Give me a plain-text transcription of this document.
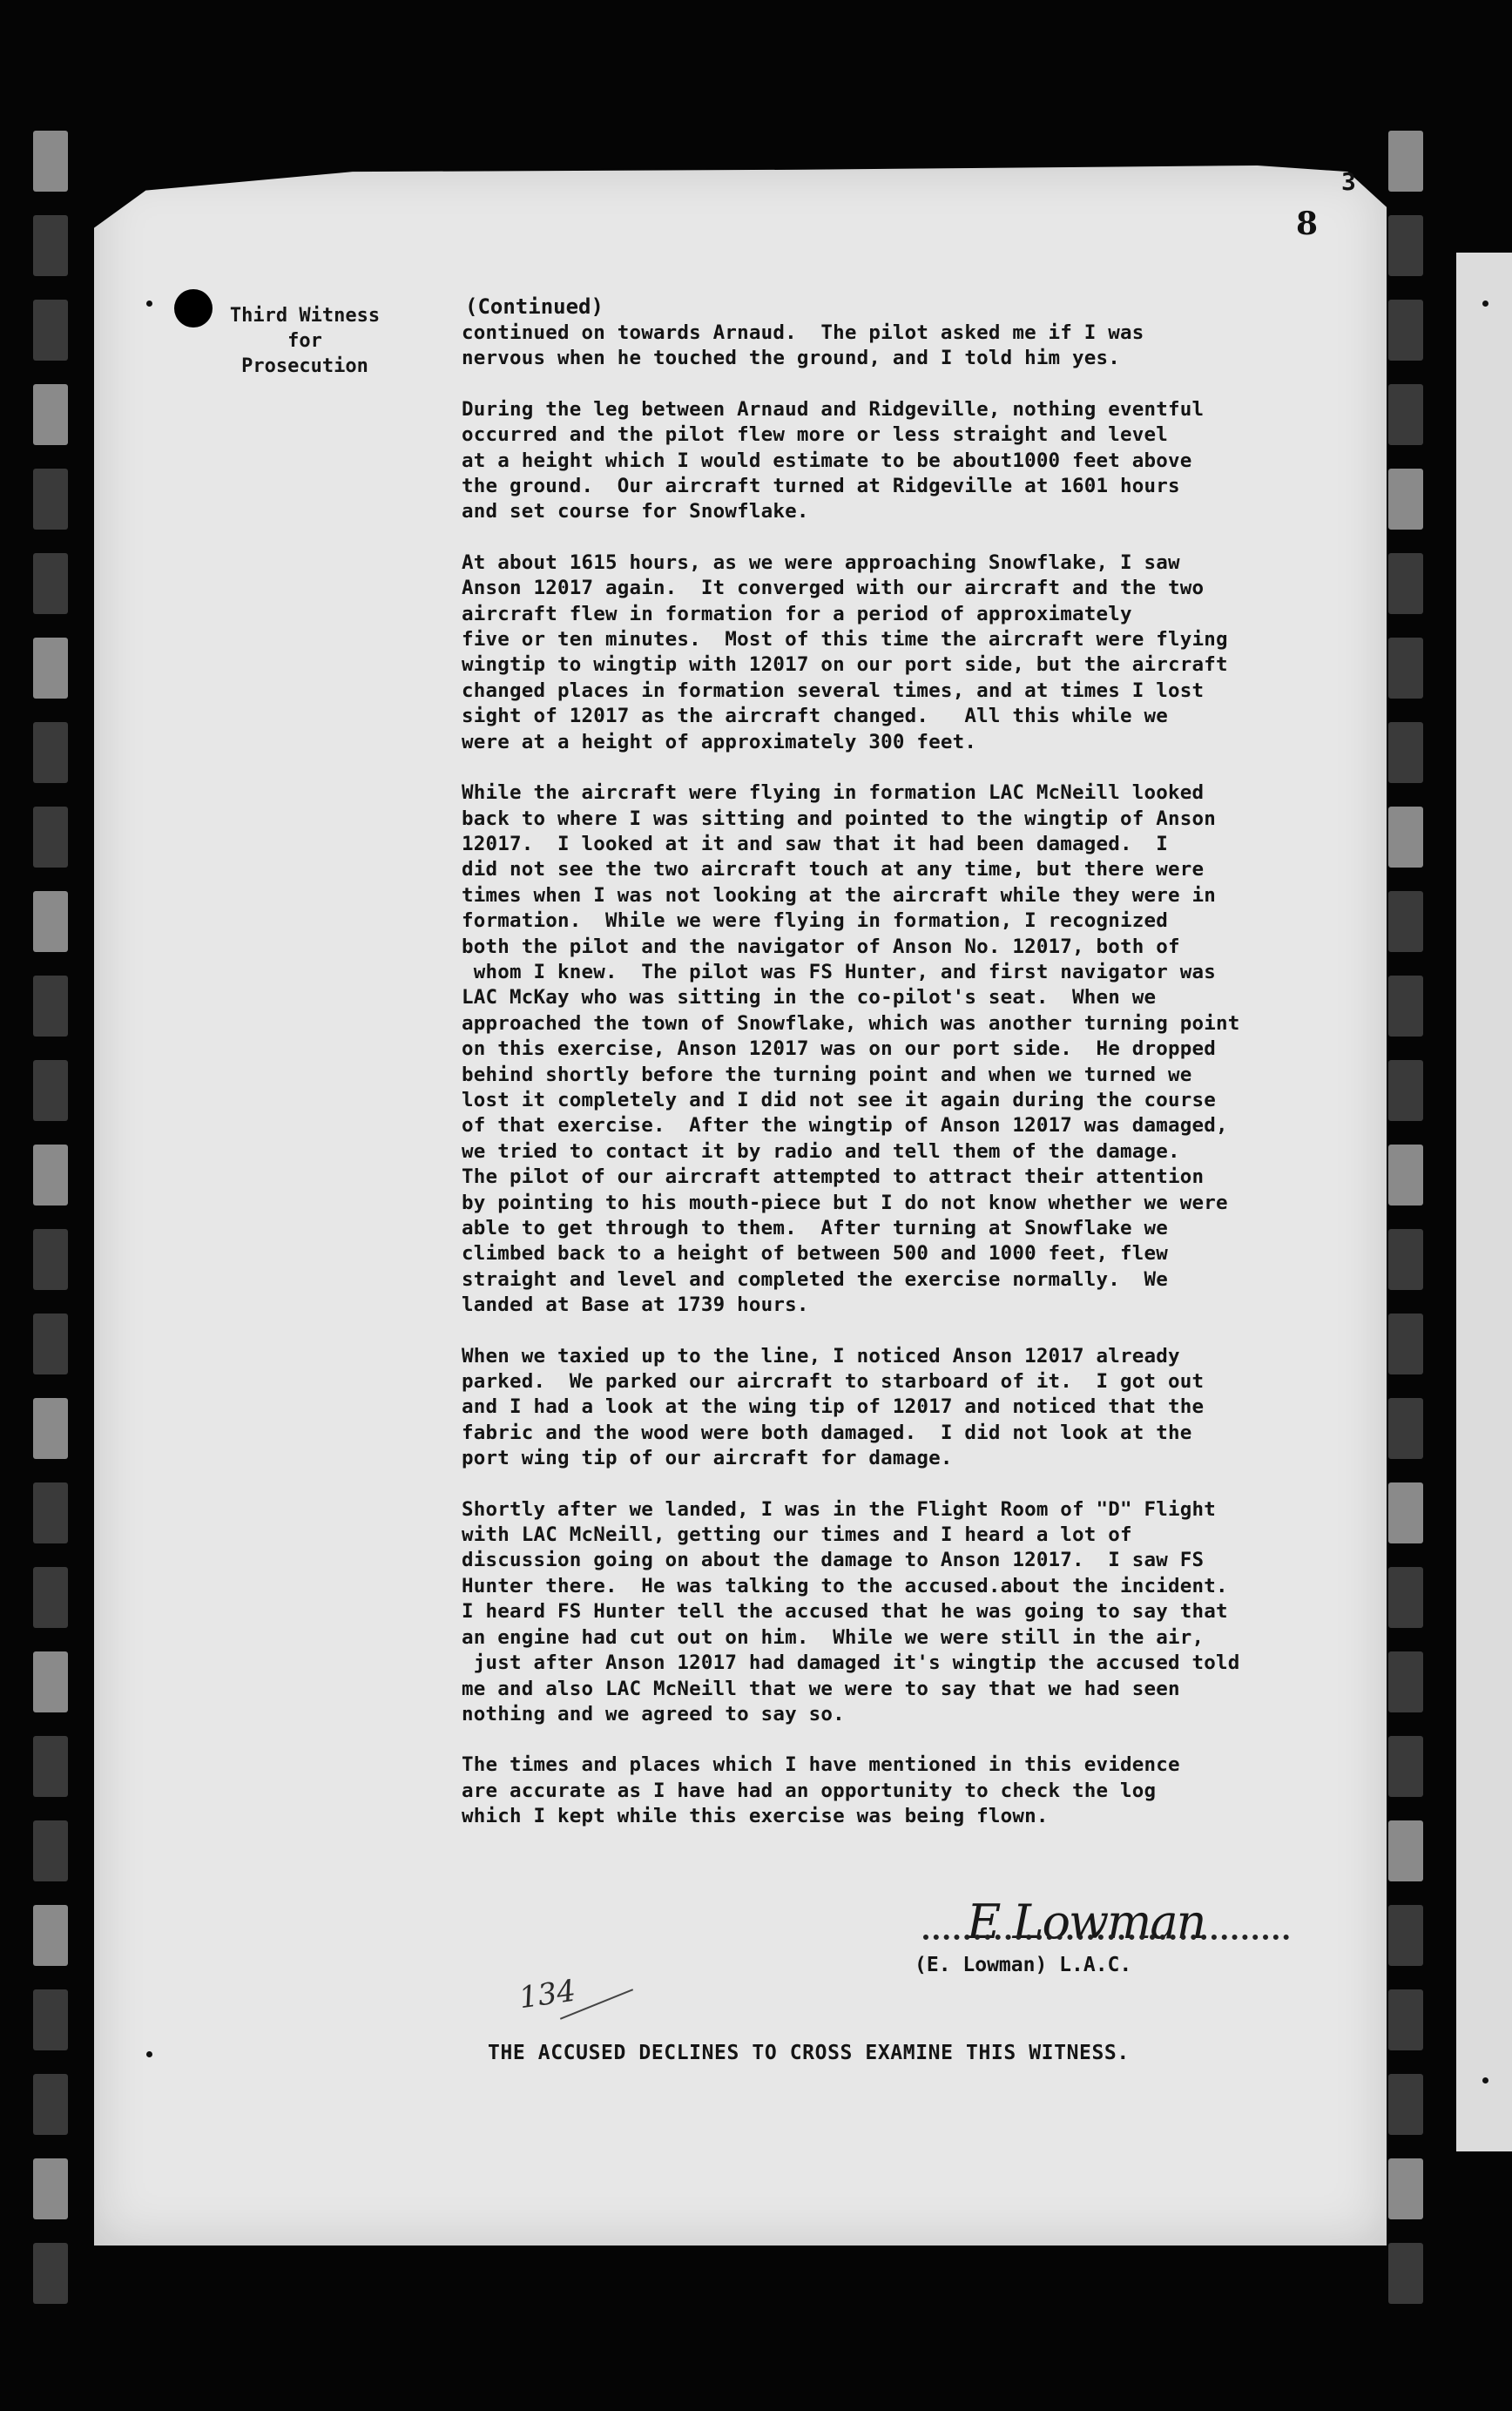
3
8
Third Witness
for
Prosecution
(Continued)
continued on towards Arnaud.  The pilot asked me if I was
nervous when he touched the ground, and I told him yes.
During the leg between Arnaud and Ridgeville, nothing eventful
occurred and the pilot flew more or less straight and level
at a height which I would estimate to be about1000 feet above
the ground.  Our aircraft turned at Ridgeville at 1601 hours
and set course for Snowflake.
At about 1615 hours, as we were approaching Snowflake, I saw
Anson 12017 again.  It converged with our aircraft and the two
aircraft flew in formation for a period of approximately
five or ten minutes.  Most of this time the aircraft were flying
wingtip to wingtip with 12017 on our port side, but the aircraft
changed places in formation several times, and at times I lost
sight of 12017 as the aircraft changed.   All this while we
were at a height of approximately 300 feet.
While the aircraft were flying in formation LAC McNeill looked
back to where I was sitting and pointed to the wingtip of Anson
12017.  I looked at it and saw that it had been damaged.  I
did not see the two aircraft touch at any time, but there were
times when I was not looking at the aircraft while they were in
formation.  While we were flying in formation, I recognized
both the pilot and the navigator of Anson No. 12017, both of
whom I knew.  The pilot was FS Hunter, and first navigator was
LAC McKay who was sitting in the co-pilot's seat.  When we
approached the town of Snowflake, which was another turning point
on this exercise, Anson 12017 was on our port side.  He dropped
behind shortly before the turning point and when we turned we
lost it completely and I did not see it again during the course
of that exercise.  After the wingtip of Anson 12017 was damaged,
we tried to contact it by radio and tell them of the damage.
The pilot of our aircraft attempted to attract their attention
by pointing to his mouth-piece but I do not know whether we were
able to get through to them.  After turning at Snowflake we
climbed back to a height of between 500 and 1000 feet, flew
straight and level and completed the exercise normally.  We
landed at Base at 1739 hours.
When we taxied up to the line, I noticed Anson 12017 already
parked.  We parked our aircraft to starboard of it.  I got out
and I had a look at the wing tip of 12017 and noticed that the
fabric and the wood were both damaged.  I did not look at the
port wing tip of our aircraft for damage.
Shortly after we landed, I was in the Flight Room of "D" Flight
with LAC McNeill, getting our times and I heard a lot of
discussion going on about the damage to Anson 12017.  I saw FS
Hunter there.  He was talking to the accused.about the incident.
I heard FS Hunter tell the accused that he was going to say that
an engine had cut out on him.  While we were still in the air,
just after Anson 12017 had damaged it's wingtip the accused told
me and also LAC McNeill that we were to say that we had seen
nothing and we agreed to say so.
The times and places which I have mentioned in this evidence
are accurate as I have had an opportunity to check the log
which I kept while this exercise was being flown.
E Lowman
(E. Lowman) L.A.C.
134
THE ACCUSED DECLINES TO CROSS EXAMINE THIS WITNESS.
